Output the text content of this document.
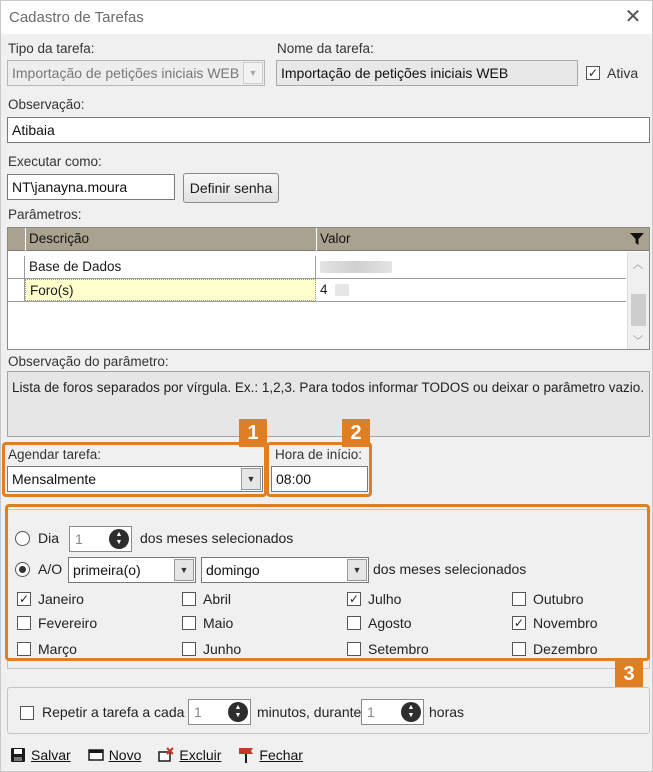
Cadastro de Tarefas	✕
Tipo da tarefa:
Importação de petições iniciais WEB	▼
Nome da tarefa:
Importação de petições iniciais WEB	✓ Ativa
Observação:
Atibaia
Executar como:
NT\janayna.moura	Definir senha
Parâmetros:
Descrição	Valor
Base de Dados
Foro(s)	4
︿
﹀
Observação do parâmetro:
Lista de foros separados por vírgula. Ex.: 1,2,3. Para todos informar TODOS ou deixar o parâmetro vazio.
1
Agendar tarefa:
Mensalmente	▼
2
Hora de início:
08:00
3
Dia 1	▲
▼ dos meses selecionados
A/O primeira(o)	▼	domingo	▼ dos meses selecionados
✓ Janeiro	Abril	✓ Julho	Outubro
Fevereiro	Maio	Agosto	✓ Novembro
Março	Junho	Setembro	Dezembro
Repetir a tarefa a cada 1	▲
▼ minutos, durante 1	▲
▼ horas
Salvar	Novo	Excluir	Fechar
